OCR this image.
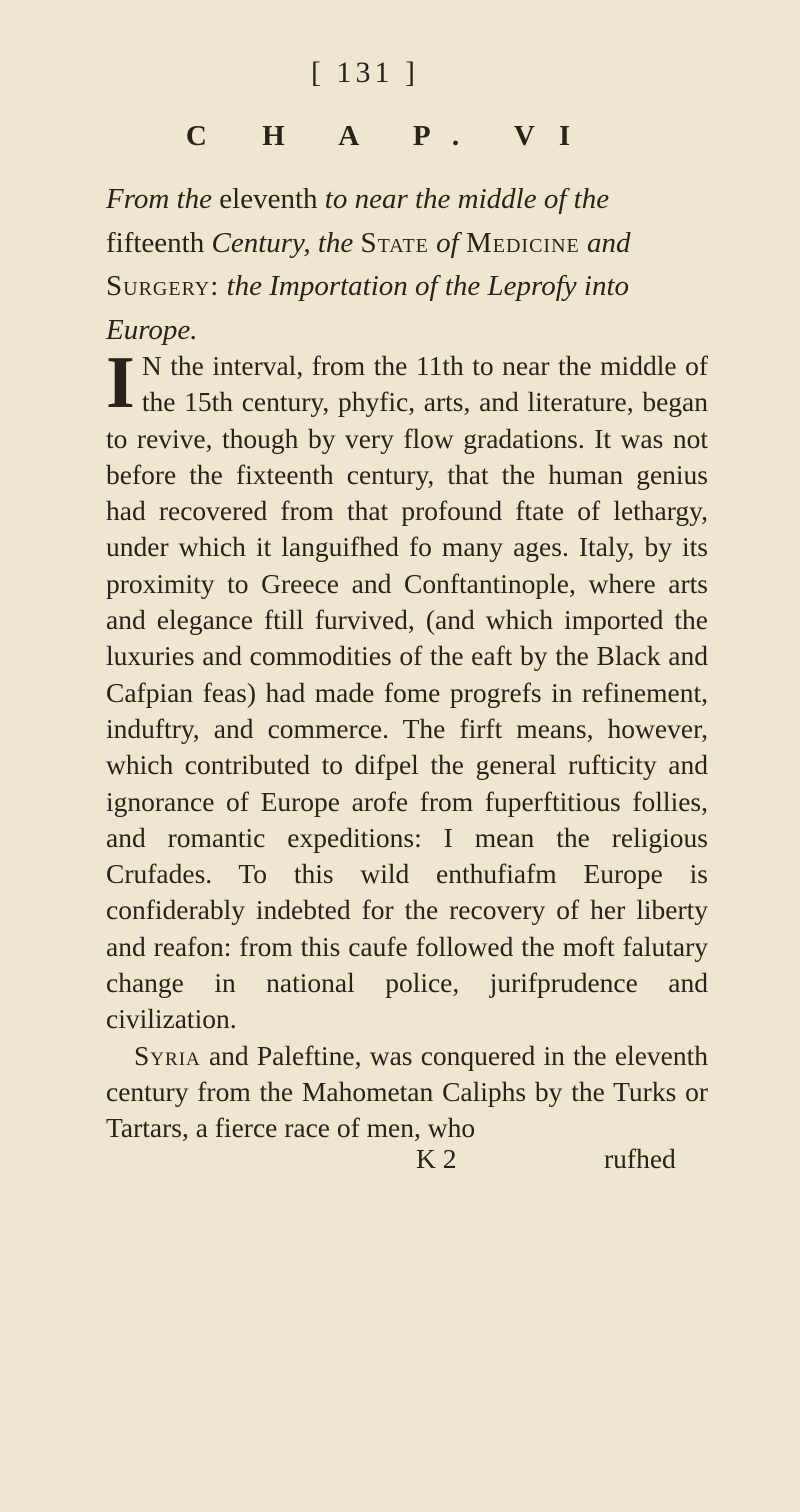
[ 131 ]
C H A P. VI
From the eleventh to near the middle of the fifteenth Century, the State of Medicine and Surgery: the Importation of the Leprofy into Europe.

I N the interval, from the 11th to near the middle of the 15th century, phyfic, arts, and literature, began to revive, though by very flow gradations. It was not before the fixteenth century, that the human genius had recovered from that profound ftate of lethargy, under which it languifhed fo many ages. Italy, by its proximity to Greece and Conftantinople, where arts and elegance ftill furvived, (and which imported the luxuries and commodities of the eaft by the Black and Cafpian feas) had made fome progrefs in refinement, induftry, and commerce. The firft means, however, which contributed to difpel the general rufticity and ignorance of Europe arofe from fuperftitious follies, and romantic expeditions: I mean the religious Crufades. To this wild enthufiafm Europe is confiderably indebted for the recovery of her liberty and reafon: from this caufe followed the moft falutary change in national police, jurifprudence and civilization.

Syria and Paleftine, was conquered in the eleventh century from the Mahometan Caliphs by the Turks or Tartars, a fierce race of men, who

K 2	rufhed
